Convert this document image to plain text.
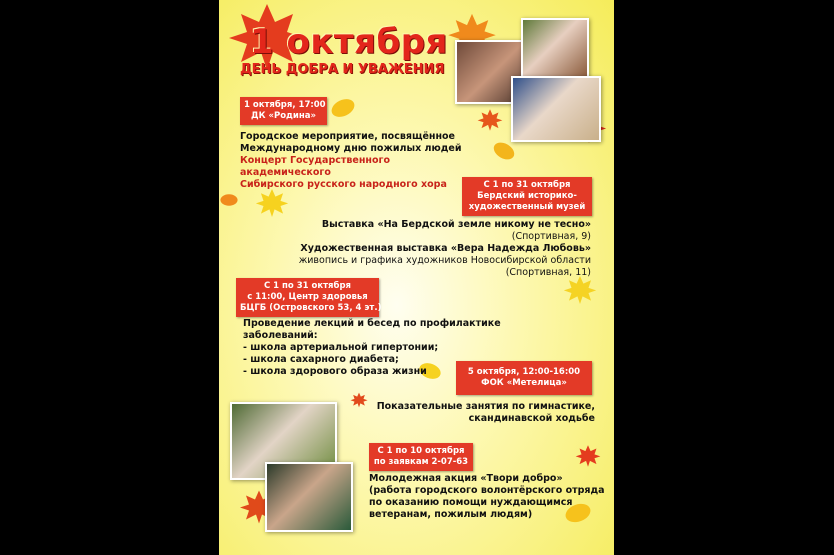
1 октября
ДЕНЬ ДОБРА И УВАЖЕНИЯ
1 октября, 17:00
ДК «Родина»
Городское мероприятие, посвящённое
Международному дню пожилых людей
Концерт Государственного академического
Сибирского русского народного хора	С 1 по 31 октября
Бердский историко-
художественный музей
Выставка «На Бердской земле никому не тесно»
(Спортивная, 9)
Художественная выставка «Вера Надежда Любовь»
живопись и графика художников Новосибирской области
(Спортивная, 11)
С 1 по 31 октября
с 11:00, Центр здоровья
БЦГБ (Островского 53, 4 эт.)
Проведение лекций и бесед по профилактике заболеваний:
- школа артериальной гипертонии;
- школа сахарного диабета;
- школа здорового образа жизни	5 октября, 12:00-16:00
ФОК «Метелица»
Показательные занятия по гимнастике,
скандинавской ходьбе
С 1 по 10 октября
по заявкам 2-07-63
Молодежная акция «Твори добро»
(работа городского волонтёрского отряда
по оказанию помощи нуждающимся
ветеранам, пожилым людям)
